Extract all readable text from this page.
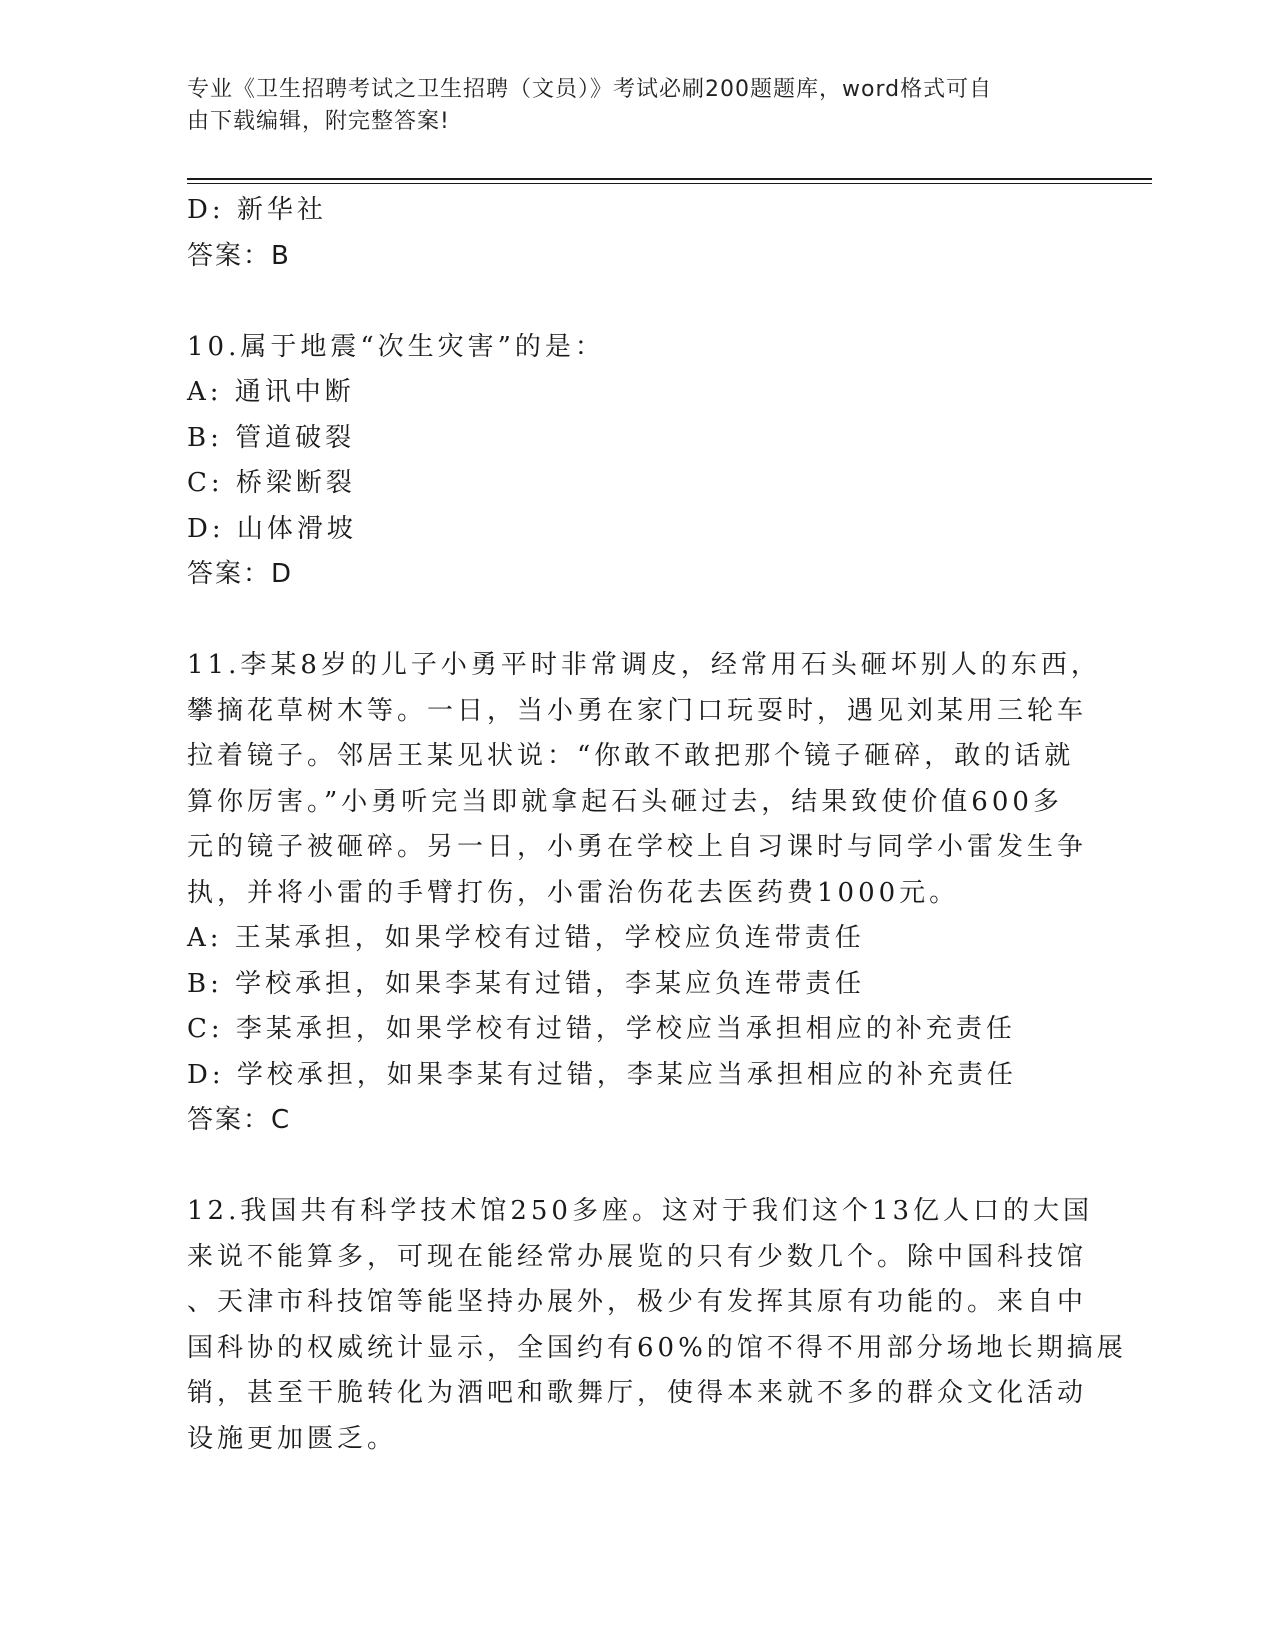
专业《卫生招聘考试之卫生招聘（文员）》考试必刷200题题库，word格式可自
由下载编辑，附完整答案!
D: 新华社
答案：B
10.属于地震“次生灾害”的是：
A: 通讯中断
B: 管道破裂
C: 桥梁断裂
D: 山体滑坡
答案：D
11.李某8岁的儿子小勇平时非常调皮，经常用石头砸坏别人的东西，
攀摘花草树木等。一日，当小勇在家门口玩耍时，遇见刘某用三轮车
拉着镜子。邻居王某见状说：“你敢不敢把那个镜子砸碎，敢的话就
算你厉害。”小勇听完当即就拿起石头砸过去，结果致使价值600多
元的镜子被砸碎。另一日，小勇在学校上自习课时与同学小雷发生争
执，并将小雷的手臂打伤，小雷治伤花去医药费1000元。
A: 王某承担，如果学校有过错，学校应负连带责任
B: 学校承担，如果李某有过错，李某应负连带责任
C: 李某承担，如果学校有过错，学校应当承担相应的补充责任
D: 学校承担，如果李某有过错，李某应当承担相应的补充责任
答案：C
12.我国共有科学技术馆250多座。这对于我们这个13亿人口的大国
来说不能算多，可现在能经常办展览的只有少数几个。除中国科技馆
、天津市科技馆等能坚持办展外，极少有发挥其原有功能的。来自中
国科协的权威统计显示，全国约有60%的馆不得不用部分场地长期搞展
销，甚至干脆转化为酒吧和歌舞厅，使得本来就不多的群众文化活动
设施更加匮乏。
